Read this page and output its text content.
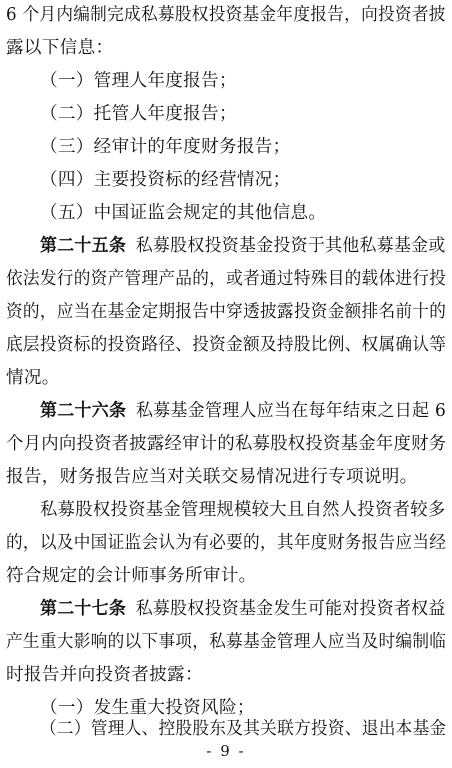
6 个月内编制完成私募股权投资基金年度报告，向投资者披
露以下信息：
（一）管理人年度报告；
（二）托管人年度报告；
（三）经审计的年度财务报告；
（四）主要投资标的经营情况；
（五）中国证监会规定的其他信息。
第二十五条 私募股权投资基金投资于其他私募基金或
依法发行的资产管理产品的，或者通过特殊目的载体进行投
资的，应当在基金定期报告中穿透披露投资金额排名前十的
底层投资标的投资路径、投资金额及持股比例、权属确认等
情况。
第二十六条 私募基金管理人应当在每年结束之日起 6
个月内向投资者披露经审计的私募股权投资基金年度财务
报告，财务报告应当对关联交易情况进行专项说明。
私募股权投资基金管理规模较大且自然人投资者较多
的，以及中国证监会认为有必要的，其年度财务报告应当经
符合规定的会计师事务所审计。
第二十七条 私募股权投资基金发生可能对投资者权益
产生重大影响的以下事项，私募基金管理人应当及时编制临
时报告并向投资者披露：
（一）发生重大投资风险；
（二）管理人、控股股东及其关联方投资、退出本基金
- 9 -
